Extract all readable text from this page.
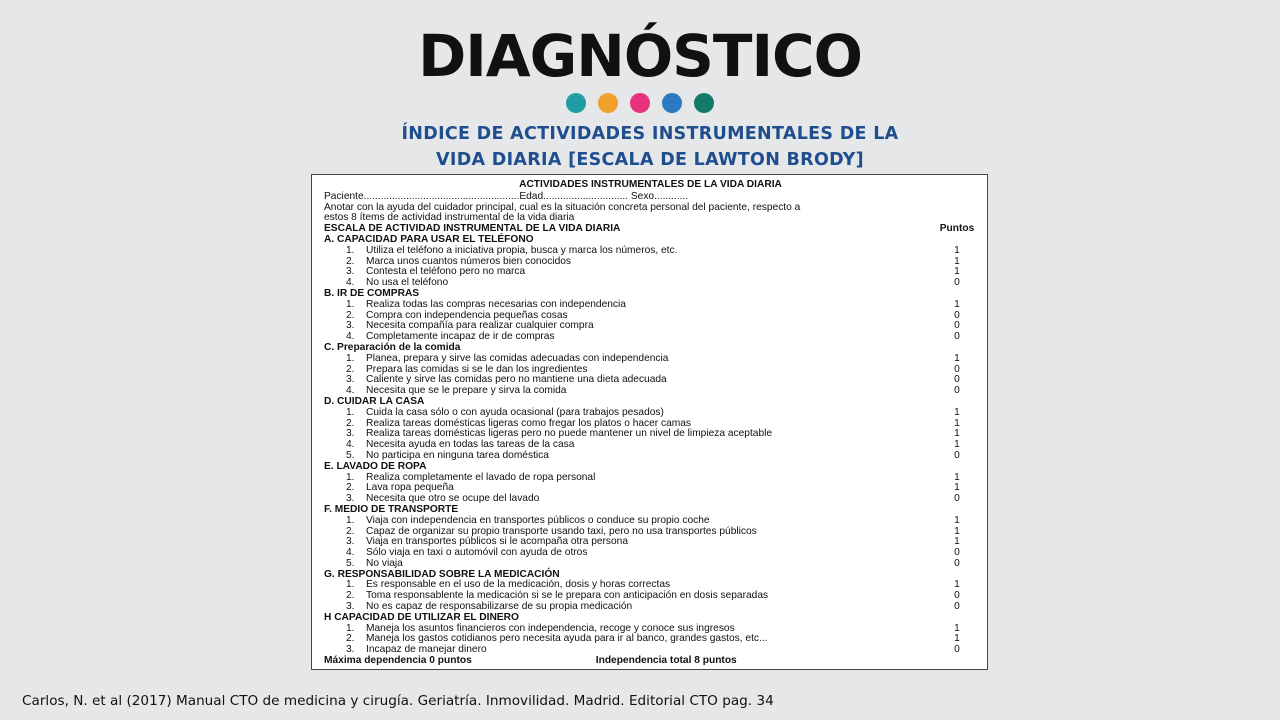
DIAGNÓSTICO
ÍNDICE DE ACTIVIDADES INSTRUMENTALES DE LA
VIDA DIARIA [ESCALA DE LAWTON BRODY]
ACTIVIDADES INSTRUMENTALES DE LA VIDA DIARIA
Paciente.......................................................Edad.............................. Sexo............
Anotar con la ayuda del cuidador principal, cual es la situación concreta personal del paciente, respecto a
estos 8 ítems de actividad instrumental de la vida diaria
ESCALA DE ACTIVIDAD INSTRUMENTAL DE LA VIDA DIARIA	Puntos
A. CAPACIDAD PARA USAR EL TELÉFONO
1. Utiliza el teléfono a iniciativa propia, busca y marca los números, etc.	1
2. Marca unos cuantos números bien conocidos	1
3. Contesta el teléfono pero no marca	1
4. No usa el teléfono	0
B. IR DE COMPRAS
1. Realiza todas las compras necesarias con independencia	1
2. Compra con independencia pequeñas cosas	0
3. Necesita compañía para realizar cualquier compra	0
4. Completamente incapaz de ir de compras	0
C. Preparación de la comida
1. Planea, prepara y sirve las comidas adecuadas con independencia	1
2. Prepara las comidas si se le dan los ingredientes	0
3. Caliente y sirve las comidas pero no mantiene una dieta adecuada	0
4. Necesita que se le prepare y sirva la comida	0
D. CUIDAR LA CASA
1. Cuida la casa sólo o con ayuda ocasional (para trabajos pesados)	1
2. Realiza tareas domésticas ligeras como fregar los platos o hacer camas	1
3. Realiza tareas domésticas ligeras pero no puede mantener un nivel de limpieza aceptable	1
4. Necesita ayuda en todas las tareas de la casa	1
5. No participa en ninguna tarea doméstica	0
E. LAVADO DE ROPA
1. Realiza completamente el lavado de ropa personal	1
2. Lava ropa pequeña	1
3. Necesita que otro se ocupe del lavado	0
F. MEDIO DE TRANSPORTE
1. Viaja con independencia en transportes públicos o conduce su propio coche	1
2. Capaz de organizar su propio transporte usando taxi, pero no usa transportes públicos	1
3. Viaja en transportes públicos si le acompaña otra persona	1
4. Sólo viaja en taxi o automóvil con ayuda de otros	0
5. No viaja	0
G. RESPONSABILIDAD SOBRE LA MEDICACIÓN
1. Es responsable en el uso de la medicación, dosis y horas correctas	1
2. Toma responsablente la medicación si se le prepara con anticipación en dosis separadas	0
3. No es capaz de responsabilizarse de su propia medicación	0
H CAPACIDAD DE UTILIZAR EL DINERO
1. Maneja los asuntos financieros con independencia, recoge y conoce sus ingresos	1
2. Maneja los gastos cotidianos pero necesita ayuda para ir al banco, grandes gastos, etc...	1
3. Incapaz de manejar dinero	0
Máxima dependencia 0 puntos	Independencia total 8 puntos
Carlos, N. et al (2017) Manual CTO de medicina y cirugía. Geriatría. Inmovilidad. Madrid. Editorial CTO pag. 34
